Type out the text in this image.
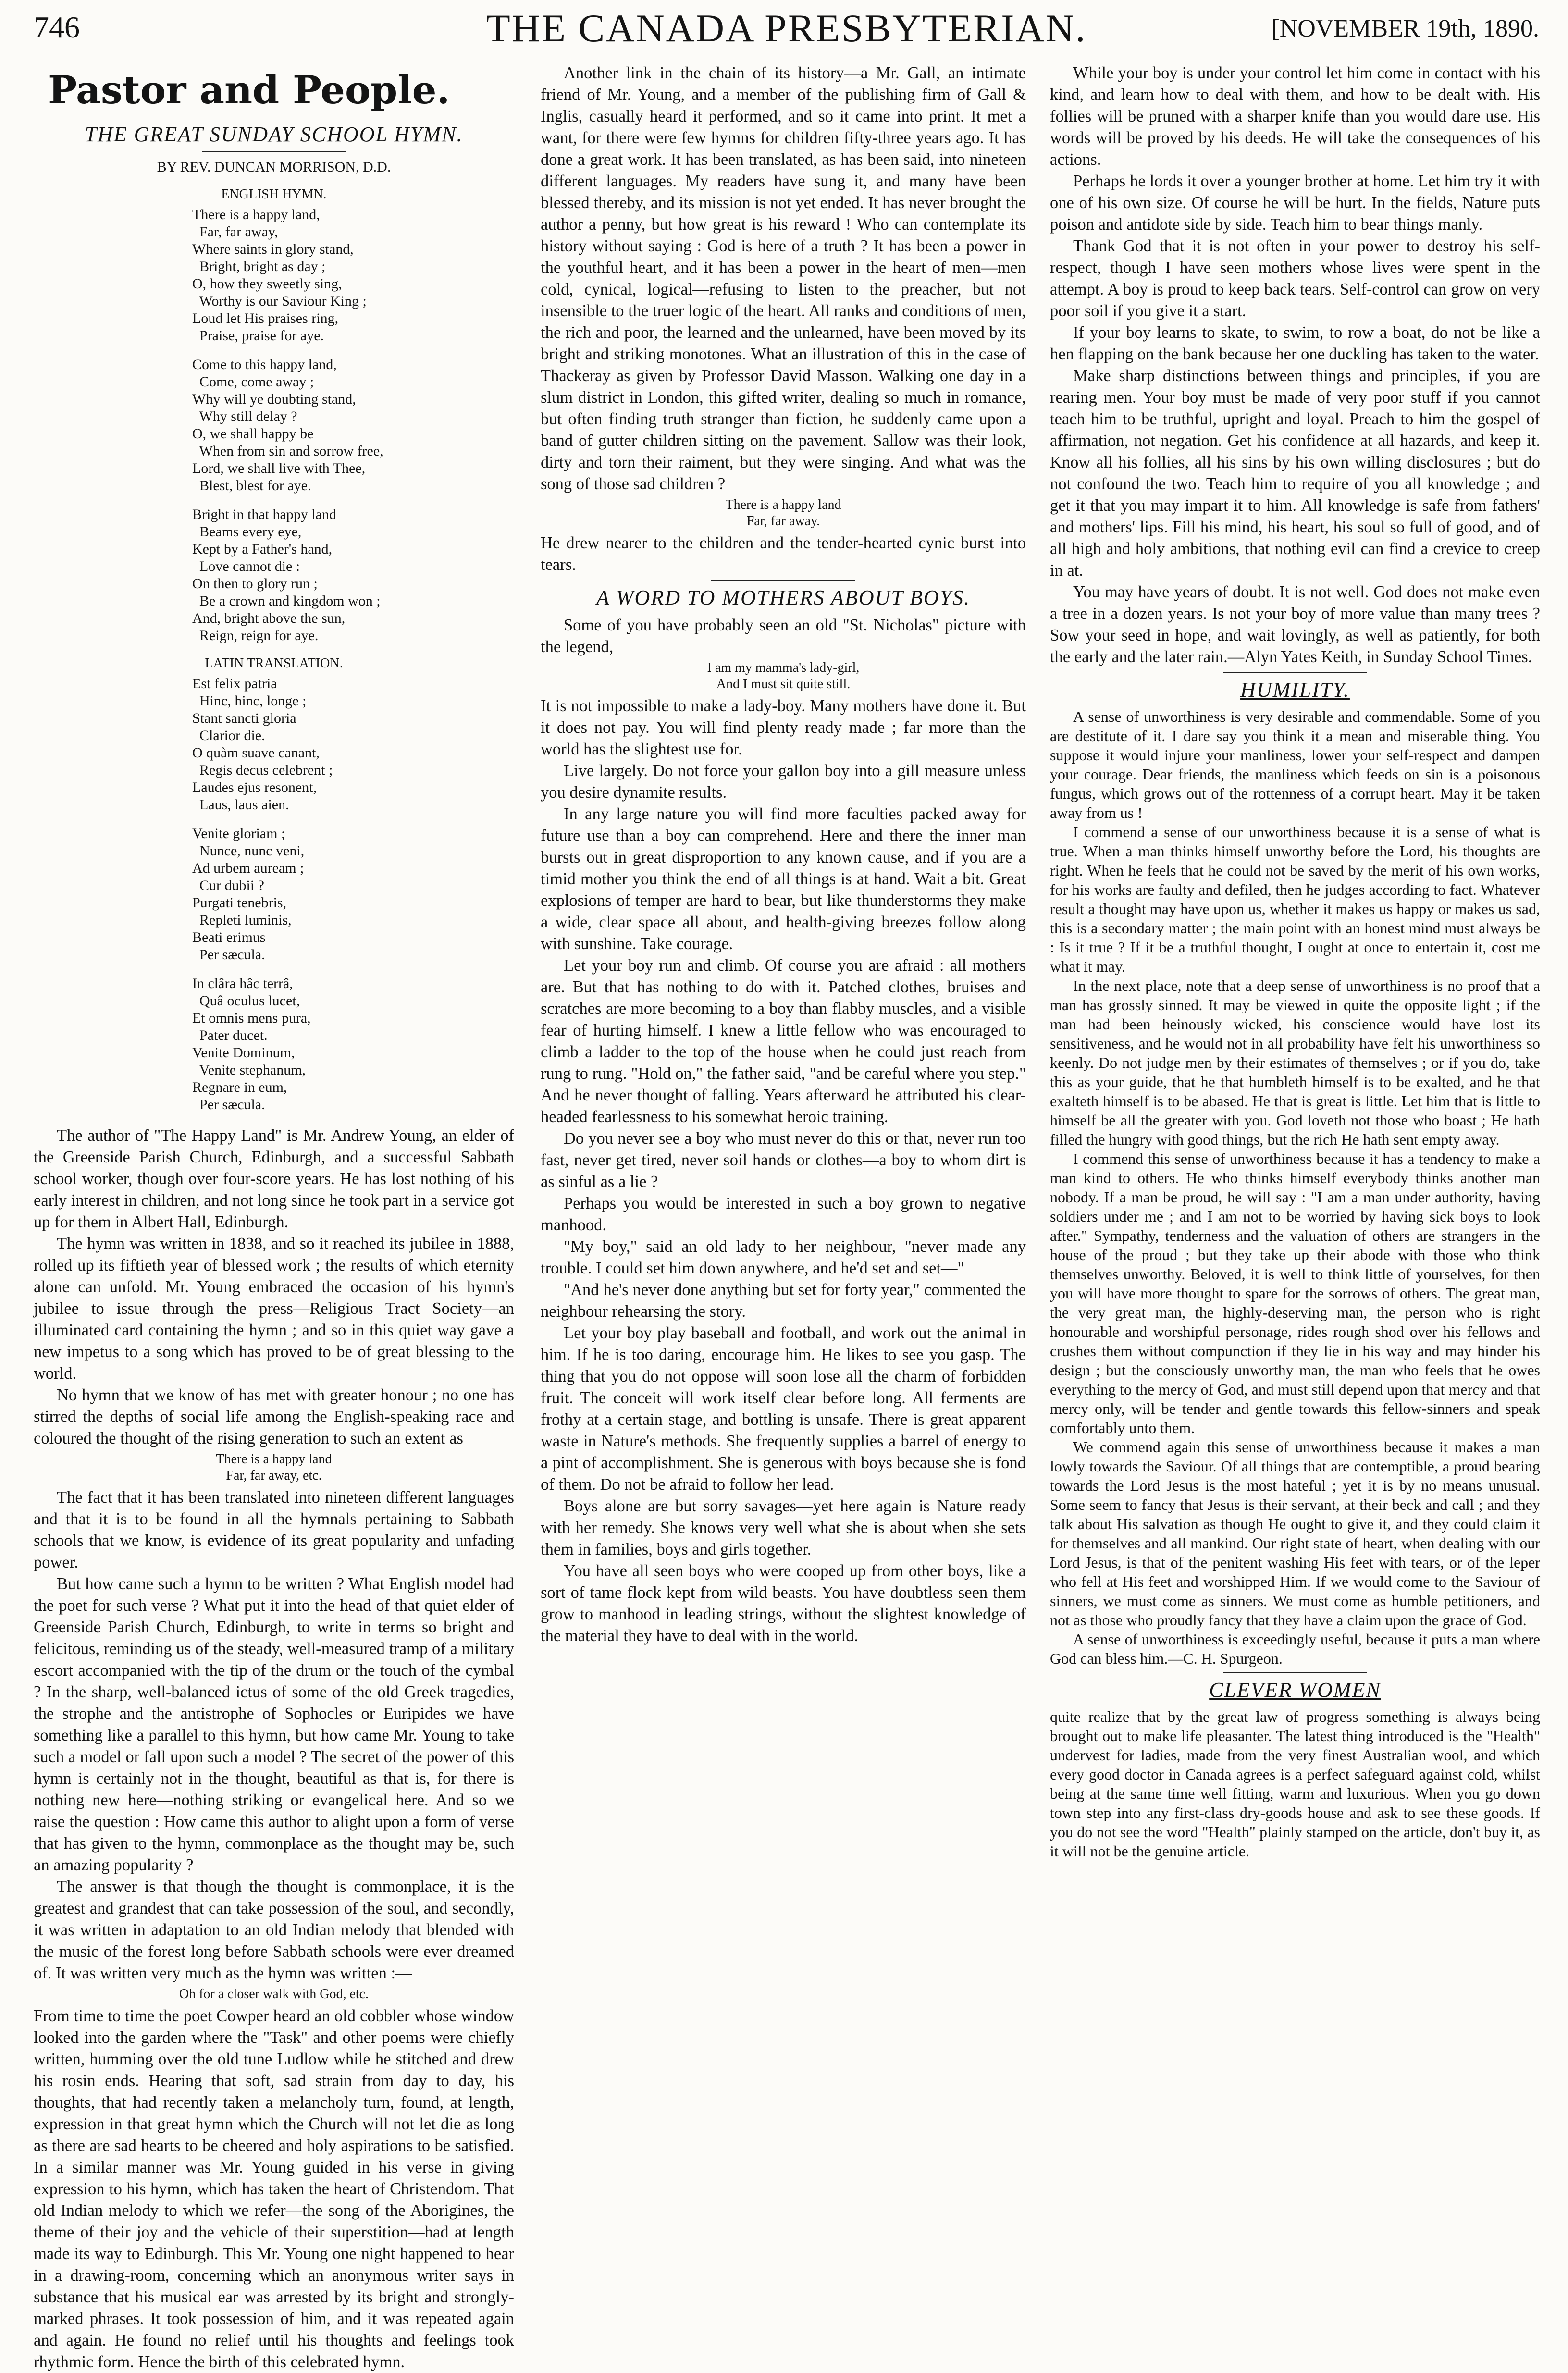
746	THE CANADA PRESBYTERIAN.	[NOVEMBER 19th, 1890.
Pastor and People.
THE GREAT SUNDAY SCHOOL HYMN.
BY REV. DUNCAN MORRISON, D.D.
ENGLISH HYMN.
There is a happy land,
Far, far away,
Where saints in glory stand,
Bright, bright as day ;
O, how they sweetly sing,
Worthy is our Saviour King ;
Loud let His praises ring,
Praise, praise for aye.
Come to this happy land,
Come, come away ;
Why will ye doubting stand,
Why still delay ?
O, we shall happy be
When from sin and sorrow free,
Lord, we shall live with Thee,
Blest, blest for aye.
Bright in that happy land
Beams every eye,
Kept by a Father's hand,
Love cannot die :
On then to glory run ;
Be a crown and kingdom won ;
And, bright above the sun,
Reign, reign for aye.
LATIN TRANSLATION.
Est felix patria
Hinc, hinc, longe ;
Stant sancti gloria
Clarior die.
O quàm suave canant,
Regis decus celebrent ;
Laudes ejus resonent,
Laus, laus aien.
Venite gloriam ;
Nunce, nunc veni,
Ad urbem auream ;
Cur dubii ?
Purgati tenebris,
Repleti luminis,
Beati erimus
Per sæcula.
In clâra hâc terrâ,
Quâ oculus lucet,
Et omnis mens pura,
Pater ducet.
Venite Dominum,
Venite stephanum,
Regnare in eum,
Per sæcula.

The author of "The Happy Land" is Mr. Andrew Young, an elder of the Greenside Parish Church, Edinburgh, and a successful Sabbath school worker, though over four-score years. He has lost nothing of his early interest in children, and not long since he took part in a service got up for them in Albert Hall, Edinburgh.

The hymn was written in 1838, and so it reached its jubilee in 1888, rolled up its fiftieth year of blessed work ; the results of which eternity alone can unfold. Mr. Young embraced the occasion of his hymn's jubilee to issue through the press—Religious Tract Society—an illuminated card containing the hymn ; and so in this quiet way gave a new impetus to a song which has proved to be of great blessing to the world.

No hymn that we know of has met with greater honour ; no one has stirred the depths of social life among the English-speaking race and coloured the thought of the rising generation to such an extent as

There is a happy land
Far, far away, etc.

The fact that it has been translated into nineteen different languages and that it is to be found in all the hymnals pertaining to Sabbath schools that we know, is evidence of its great popularity and unfading power.

But how came such a hymn to be written ? What English model had the poet for such verse ? What put it into the head of that quiet elder of Greenside Parish Church, Edinburgh, to write in terms so bright and felicitous, reminding us of the steady, well-measured tramp of a military escort accompanied with the tip of the drum or the touch of the cymbal ? In the sharp, well-balanced ictus of some of the old Greek tragedies, the strophe and the antistrophe of Sophocles or Euripides we have something like a parallel to this hymn, but how came Mr. Young to take such a model or fall upon such a model ? The secret of the power of this hymn is certainly not in the thought, beautiful as that is, for there is nothing new here—nothing striking or evangelical here. And so we raise the question : How came this author to alight upon a form of verse that has given to the hymn, commonplace as the thought may be, such an amazing popularity ?

The answer is that though the thought is commonplace, it is the greatest and grandest that can take possession of the soul, and secondly, it was written in adaptation to an old Indian melody that blended with the music of the forest long before Sabbath schools were ever dreamed of. It was written very much as the hymn was written :—

Oh for a closer walk with God, etc.

From time to time the poet Cowper heard an old cobbler whose window looked into the garden where the "Task" and other poems were chiefly written, humming over the old tune Ludlow while he stitched and drew his rosin ends. Hearing that soft, sad strain from day to day, his thoughts, that had recently taken a melancholy turn, found, at length, expression in that great hymn which the Church will not let die as long as there are sad hearts to be cheered and holy aspirations to be satisfied. In a similar manner was Mr. Young guided in his verse in giving expression to his hymn, which has taken the heart of Christendom. That old Indian melody to which we refer—the song of the Aborigines, the theme of their joy and the vehicle of their superstition—had at length made its way to Edinburgh. This Mr. Young one night happened to hear in a drawing-room, concerning which an anonymous writer says in substance that his musical ear was arrested by its bright and strongly-marked phrases. It took possession of him, and it was repeated again and again. He found no relief until his thoughts and feelings took rhythmic form. Hence the birth of this celebrated hymn.

Another link in the chain of its history—a Mr. Gall, an intimate friend of Mr. Young, and a member of the publishing firm of Gall & Inglis, casually heard it performed, and so it came into print. It met a want, for there were few hymns for children fifty-three years ago. It has done a great work. It has been translated, as has been said, into nineteen different languages. My readers have sung it, and many have been blessed thereby, and its mission is not yet ended. It has never brought the author a penny, but how great is his reward ! Who can contemplate its history without saying : God is here of a truth ? It has been a power in the youthful heart, and it has been a power in the heart of men—men cold, cynical, logical—refusing to listen to the preacher, but not insensible to the truer logic of the heart. All ranks and conditions of men, the rich and poor, the learned and the unlearned, have been moved by its bright and striking monotones. What an illustration of this in the case of Thackeray as given by Professor David Masson. Walking one day in a slum district in London, this gifted writer, dealing so much in romance, but often finding truth stranger than fiction, he suddenly came upon a band of gutter children sitting on the pavement. Sallow was their look, dirty and torn their raiment, but they were singing. And what was the song of those sad children ?

There is a happy land
Far, far away.

He drew nearer to the children and the tender-hearted cynic burst into tears.

A WORD TO MOTHERS ABOUT BOYS.

Some of you have probably seen an old "St. Nicholas" picture with the legend,

I am my mamma's lady-girl,
And I must sit quite still.

It is not impossible to make a lady-boy. Many mothers have done it. But it does not pay. You will find plenty ready made ; far more than the world has the slightest use for.

Live largely. Do not force your gallon boy into a gill measure unless you desire dynamite results.

In any large nature you will find more faculties packed away for future use than a boy can comprehend. Here and there the inner man bursts out in great disproportion to any known cause, and if you are a timid mother you think the end of all things is at hand. Wait a bit. Great explosions of temper are hard to bear, but like thunderstorms they make a wide, clear space all about, and health-giving breezes follow along with sunshine. Take courage.

Let your boy run and climb. Of course you are afraid : all mothers are. But that has nothing to do with it. Patched clothes, bruises and scratches are more becoming to a boy than flabby muscles, and a visible fear of hurting himself. I knew a little fellow who was encouraged to climb a ladder to the top of the house when he could just reach from rung to rung. "Hold on," the father said, "and be careful where you step." And he never thought of falling. Years afterward he attributed his clear-headed fearlessness to his somewhat heroic training.

Do you never see a boy who must never do this or that, never run too fast, never get tired, never soil hands or clothes—a boy to whom dirt is as sinful as a lie ?

Perhaps you would be interested in such a boy grown to negative manhood.

"My boy," said an old lady to her neighbour, "never made any trouble. I could set him down anywhere, and he'd set and set—"

"And he's never done anything but set for forty year," commented the neighbour rehearsing the story.

Let your boy play baseball and football, and work out the animal in him. If he is too daring, encourage him. He likes to see you gasp. The thing that you do not oppose will soon lose all the charm of forbidden fruit. The conceit will work itself clear before long. All ferments are frothy at a certain stage, and bottling is unsafe. There is great apparent waste in Nature's methods. She frequently supplies a barrel of energy to a pint of accomplishment. She is generous with boys because she is fond of them. Do not be afraid to follow her lead.

Boys alone are but sorry savages—yet here again is Nature ready with her remedy. She knows very well what she is about when she sets them in families, boys and girls together.

You have all seen boys who were cooped up from other boys, like a sort of tame flock kept from wild beasts. You have doubtless seen them grow to manhood in leading strings, without the slightest knowledge of the material they have to deal with in the world.

While your boy is under your control let him come in contact with his kind, and learn how to deal with them, and how to be dealt with. His follies will be pruned with a sharper knife than you would dare use. His words will be proved by his deeds. He will take the consequences of his actions.

Perhaps he lords it over a younger brother at home. Let him try it with one of his own size. Of course he will be hurt. In the fields, Nature puts poison and antidote side by side. Teach him to bear things manly.

Thank God that it is not often in your power to destroy his self-respect, though I have seen mothers whose lives were spent in the attempt. A boy is proud to keep back tears. Self-control can grow on very poor soil if you give it a start.

If your boy learns to skate, to swim, to row a boat, do not be like a hen flapping on the bank because her one duckling has taken to the water.

Make sharp distinctions between things and principles, if you are rearing men. Your boy must be made of very poor stuff if you cannot teach him to be truthful, upright and loyal. Preach to him the gospel of affirmation, not negation. Get his confidence at all hazards, and keep it. Know all his follies, all his sins by his own willing disclosures ; but do not confound the two. Teach him to require of you all knowledge ; and get it that you may impart it to him. All knowledge is safe from fathers' and mothers' lips. Fill his mind, his heart, his soul so full of good, and of all high and holy ambitions, that nothing evil can find a crevice to creep in at.

You may have years of doubt. It is not well. God does not make even a tree in a dozen years. Is not your boy of more value than many trees ? Sow your seed in hope, and wait lovingly, as well as patiently, for both the early and the later rain.—Alyn Yates Keith, in Sunday School Times.

HUMILITY.

A sense of unworthiness is very desirable and commendable. Some of you are destitute of it. I dare say you think it a mean and miserable thing. You suppose it would injure your manliness, lower your self-respect and dampen your courage. Dear friends, the manliness which feeds on sin is a poisonous fungus, which grows out of the rottenness of a corrupt heart. May it be taken away from us !

I commend a sense of our unworthiness because it is a sense of what is true. When a man thinks himself unworthy before the Lord, his thoughts are right. When he feels that he could not be saved by the merit of his own works, for his works are faulty and defiled, then he judges according to fact. Whatever result a thought may have upon us, whether it makes us happy or makes us sad, this is a secondary matter ; the main point with an honest mind must always be : Is it true ? If it be a truthful thought, I ought at once to entertain it, cost me what it may.

In the next place, note that a deep sense of unworthiness is no proof that a man has grossly sinned. It may be viewed in quite the opposite light ; if the man had been heinously wicked, his conscience would have lost its sensitiveness, and he would not in all probability have felt his unworthiness so keenly. Do not judge men by their estimates of themselves ; or if you do, take this as your guide, that he that humbleth himself is to be exalted, and he that exalteth himself is to be abased. He that is great is little. Let him that is little to himself be all the greater with you. God loveth not those who boast ; He hath filled the hungry with good things, but the rich He hath sent empty away.

I commend this sense of unworthiness because it has a tendency to make a man kind to others. He who thinks himself everybody thinks another man nobody. If a man be proud, he will say : "I am a man under authority, having soldiers under me ; and I am not to be worried by having sick boys to look after." Sympathy, tenderness and the valuation of others are strangers in the house of the proud ; but they take up their abode with those who think themselves unworthy. Beloved, it is well to think little of yourselves, for then you will have more thought to spare for the sorrows of others. The great man, the very great man, the highly-deserving man, the person who is right honourable and worshipful personage, rides rough shod over his fellows and crushes them without compunction if they lie in his way and may hinder his design ; but the consciously unworthy man, the man who feels that he owes everything to the mercy of God, and must still depend upon that mercy and that mercy only, will be tender and gentle towards this fellow-sinners and speak comfortably unto them.

We commend again this sense of unworthiness because it makes a man lowly towards the Saviour. Of all things that are contemptible, a proud bearing towards the Lord Jesus is the most hateful ; yet it is by no means unusual. Some seem to fancy that Jesus is their servant, at their beck and call ; and they talk about His salvation as though He ought to give it, and they could claim it for themselves and all mankind. Our right state of heart, when dealing with our Lord Jesus, is that of the penitent washing His feet with tears, or of the leper who fell at His feet and worshipped Him. If we would come to the Saviour of sinners, we must come as sinners. We must come as humble petitioners, and not as those who proudly fancy that they have a claim upon the grace of God.

A sense of unworthiness is exceedingly useful, because it puts a man where God can bless him.—C. H. Spurgeon.

CLEVER WOMEN

quite realize that by the great law of progress something is always being brought out to make life pleasanter. The latest thing introduced is the "Health" undervest for ladies, made from the very finest Australian wool, and which every good doctor in Canada agrees is a perfect safeguard against cold, whilst being at the same time well fitting, warm and luxurious. When you go down town step into any first-class dry-goods house and ask to see these goods. If you do not see the word "Health" plainly stamped on the article, don't buy it, as it will not be the genuine article.
